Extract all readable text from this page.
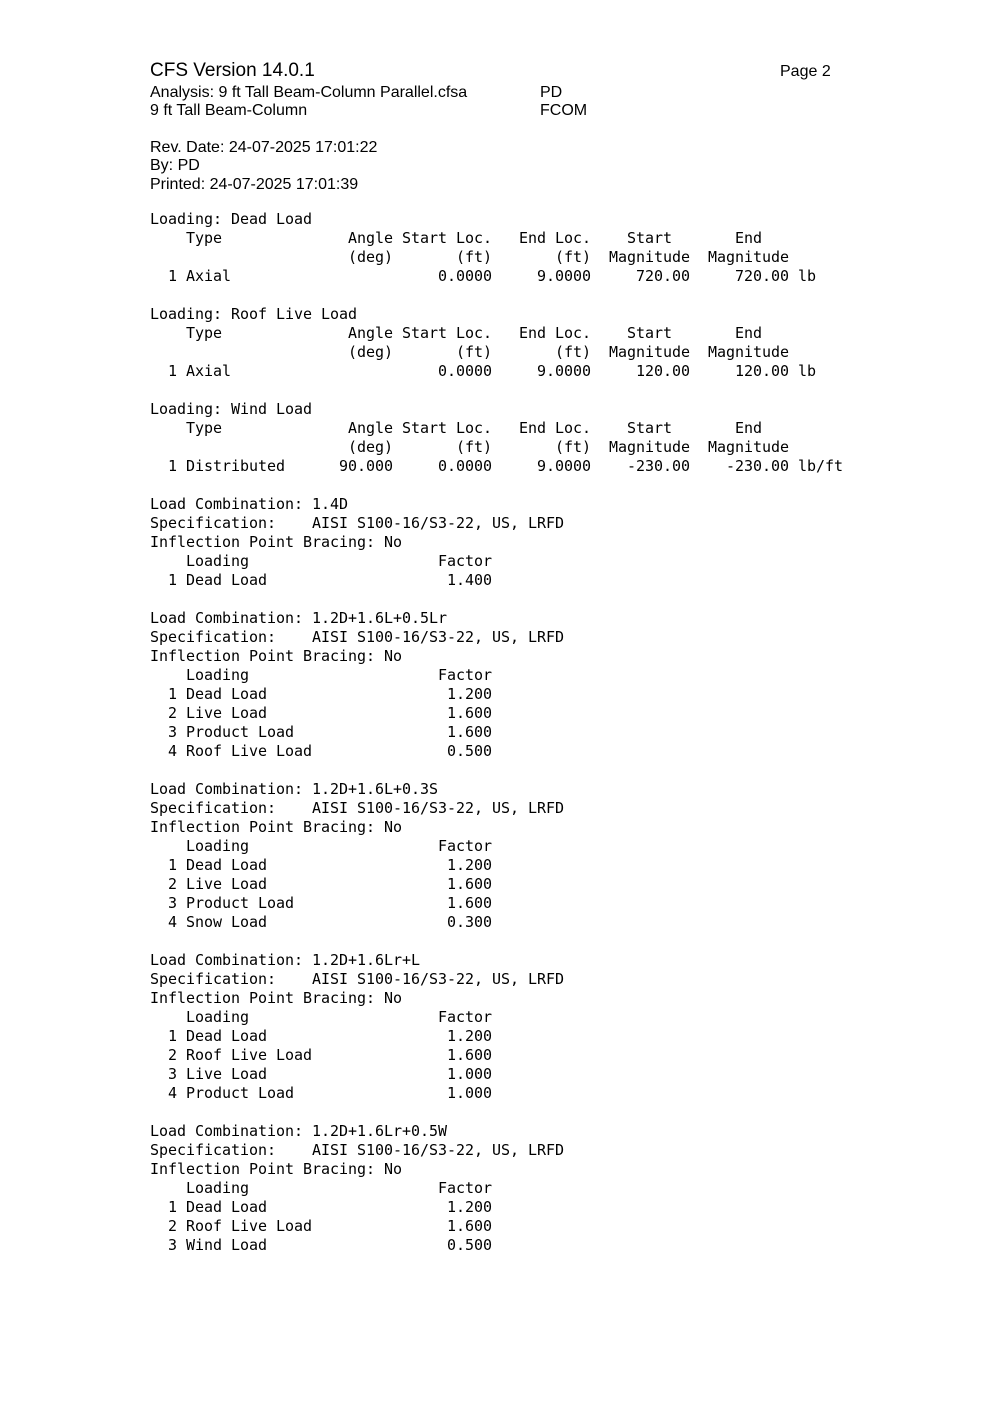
CFS Version 14.0.1	Page 2
Analysis: 9 ft Tall Beam-Column Parallel.cfsa	PD
9 ft Tall Beam-Column	FCOM
Rev. Date: 24-07-2025 17:01:22
By: PD
Printed: 24-07-2025 17:01:39
Loading: Dead Load
Type              Angle Start Loc.   End Loc.    Start       End
(deg)       (ft)       (ft)  Magnitude  Magnitude
1 Axial                       0.0000     9.0000     720.00     720.00 lb

Loading: Roof Live Load
Type              Angle Start Loc.   End Loc.    Start       End
(deg)       (ft)       (ft)  Magnitude  Magnitude
1 Axial                       0.0000     9.0000     120.00     120.00 lb

Loading: Wind Load
Type              Angle Start Loc.   End Loc.    Start       End
(deg)       (ft)       (ft)  Magnitude  Magnitude
1 Distributed      90.000     0.0000     9.0000    -230.00    -230.00 lb/ft

Load Combination: 1.4D
Specification:    AISI S100-16/S3-22, US, LRFD
Inflection Point Bracing: No
Loading                     Factor
1 Dead Load                    1.400

Load Combination: 1.2D+1.6L+0.5Lr
Specification:    AISI S100-16/S3-22, US, LRFD
Inflection Point Bracing: No
Loading                     Factor
1 Dead Load                    1.200
2 Live Load                    1.600
3 Product Load                 1.600
4 Roof Live Load               0.500

Load Combination: 1.2D+1.6L+0.3S
Specification:    AISI S100-16/S3-22, US, LRFD
Inflection Point Bracing: No
Loading                     Factor
1 Dead Load                    1.200
2 Live Load                    1.600
3 Product Load                 1.600
4 Snow Load                    0.300

Load Combination: 1.2D+1.6Lr+L
Specification:    AISI S100-16/S3-22, US, LRFD
Inflection Point Bracing: No
Loading                     Factor
1 Dead Load                    1.200
2 Roof Live Load               1.600
3 Live Load                    1.000
4 Product Load                 1.000

Load Combination: 1.2D+1.6Lr+0.5W
Specification:    AISI S100-16/S3-22, US, LRFD
Inflection Point Bracing: No
Loading                     Factor
1 Dead Load                    1.200
2 Roof Live Load               1.600
3 Wind Load                    0.500
